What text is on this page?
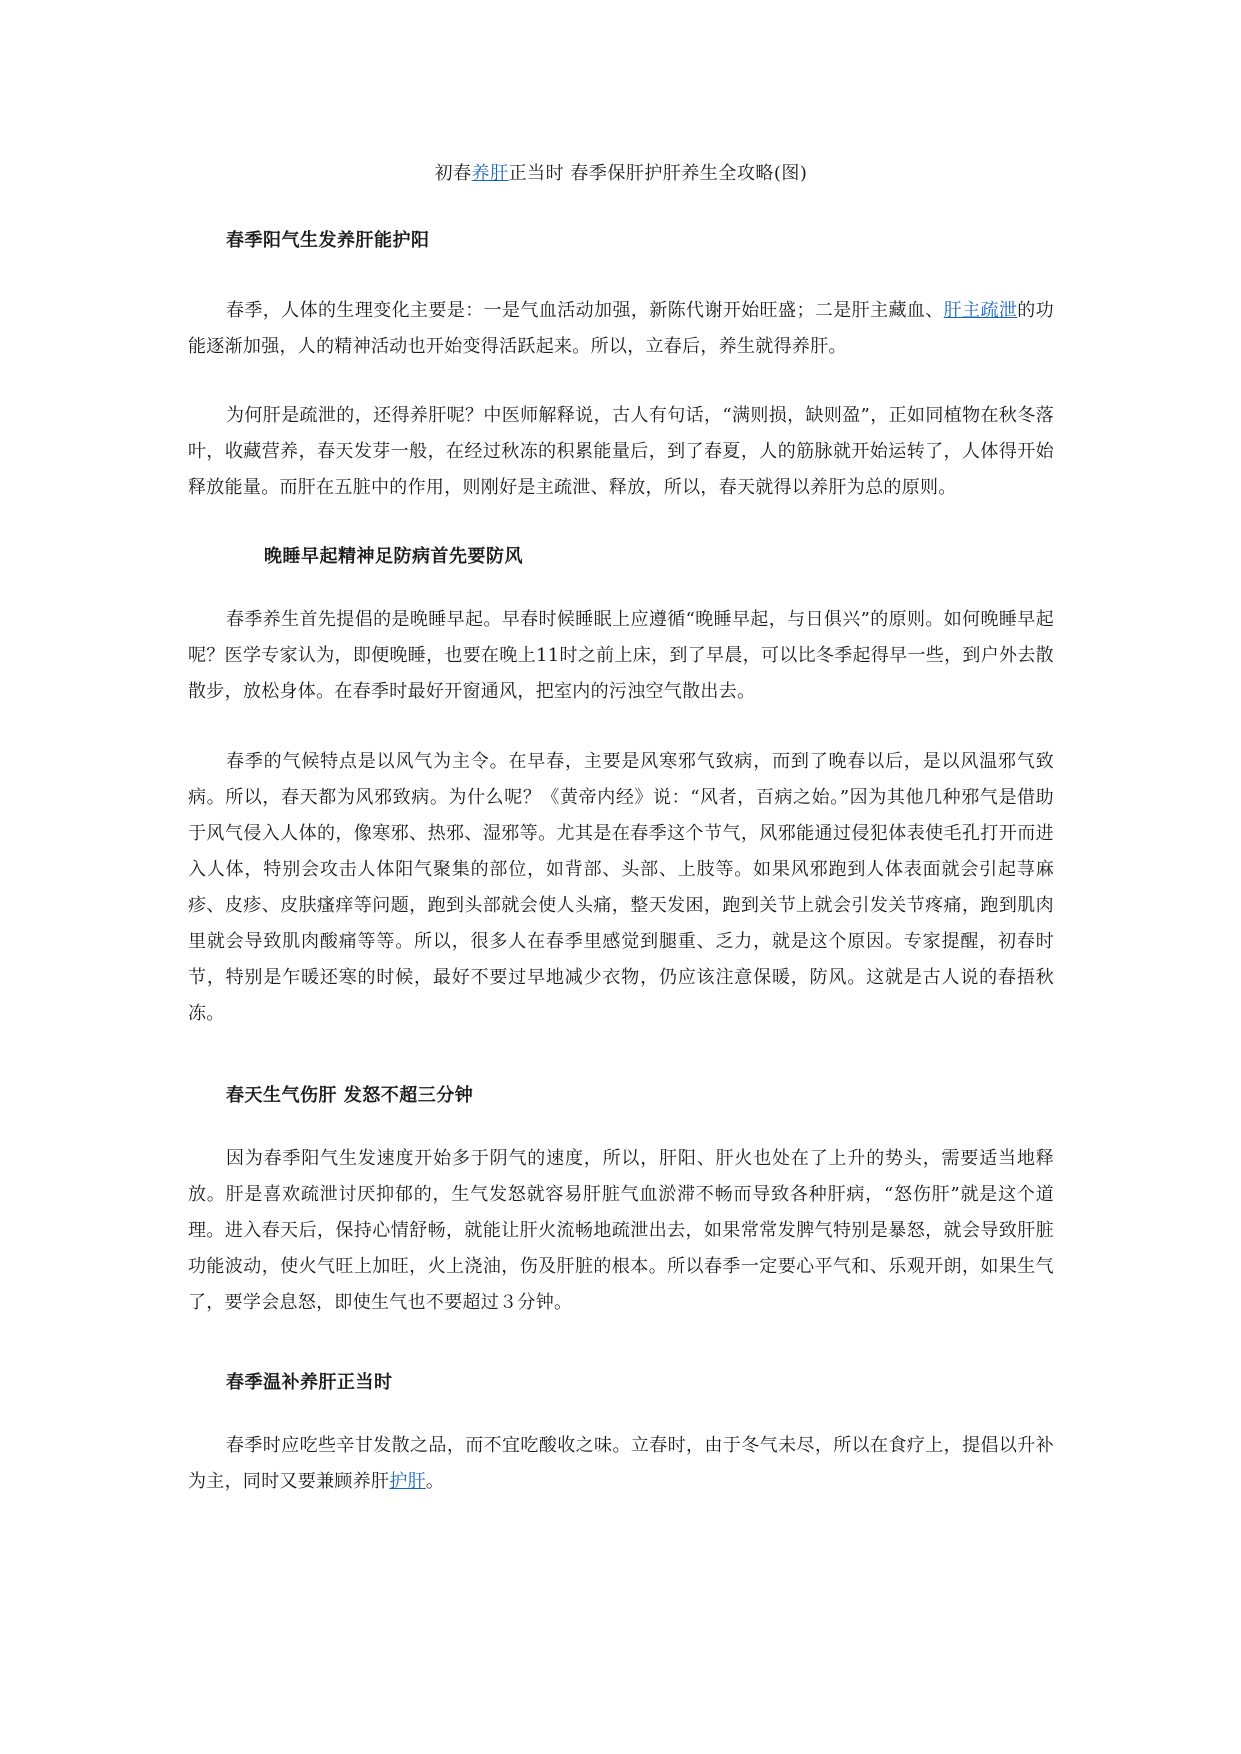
初春养肝正当时 春季保肝护肝养生全攻略(图)
春季阳气生发养肝能护阳
春季，人体的生理变化主要是：一是气血活动加强，新陈代谢开始旺盛；二是肝主藏血、肝主疏泄的功能逐渐加强，人的精神活动也开始变得活跃起来。所以，立春后，养生就得养肝。
为何肝是疏泄的，还得养肝呢？中医师解释说，古人有句话，“满则损，缺则盈”，正如同植物在秋冬落叶，收藏营养，春天发芽一般，在经过秋冻的积累能量后，到了春夏，人的筋脉就开始运转了，人体得开始释放能量。而肝在五脏中的作用，则刚好是主疏泄、释放，所以，春天就得以养肝为总的原则。
晚睡早起精神足防病首先要防风
春季养生首先提倡的是晚睡早起。早春时候睡眠上应遵循“晚睡早起，与日俱兴”的原则。如何晚睡早起呢？医学专家认为，即便晚睡，也要在晚上11时之前上床，到了早晨，可以比冬季起得早一些，到户外去散散步，放松身体。在春季时最好开窗通风，把室内的污浊空气散出去。
春季的气候特点是以风气为主令。在早春，主要是风寒邪气致病，而到了晚春以后，是以风温邪气致病。所以，春天都为风邪致病。为什么呢？《黄帝内经》说：“风者，百病之始。”因为其他几种邪气是借助于风气侵入人体的，像寒邪、热邪、湿邪等。尤其是在春季这个节气，风邪能通过侵犯体表使毛孔打开而进入人体，特别会攻击人体阳气聚集的部位，如背部、头部、上肢等。如果风邪跑到人体表面就会引起荨麻疹、皮疹、皮肤瘙痒等问题，跑到头部就会使人头痛，整天发困，跑到关节上就会引发关节疼痛，跑到肌肉里就会导致肌肉酸痛等等。所以，很多人在春季里感觉到腿重、乏力，就是这个原因。专家提醒，初春时节，特别是乍暖还寒的时候，最好不要过早地减少衣物，仍应该注意保暖，防风。这就是古人说的春捂秋冻。
春天生气伤肝 发怒不超三分钟
因为春季阳气生发速度开始多于阴气的速度，所以，肝阳、肝火也处在了上升的势头，需要适当地释放。肝是喜欢疏泄讨厌抑郁的，生气发怒就容易肝脏气血淤滞不畅而导致各种肝病，“怒伤肝”就是这个道理。进入春天后，保持心情舒畅，就能让肝火流畅地疏泄出去，如果常常发脾气特别是暴怒，就会导致肝脏功能波动，使火气旺上加旺，火上浇油，伤及肝脏的根本。所以春季一定要心平气和、乐观开朗，如果生气了，要学会息怒，即使生气也不要超过３分钟。
春季温补养肝正当时
春季时应吃些辛甘发散之品，而不宜吃酸收之味。立春时，由于冬气未尽，所以在食疗上，提倡以升补为主，同时又要兼顾养肝护肝。
